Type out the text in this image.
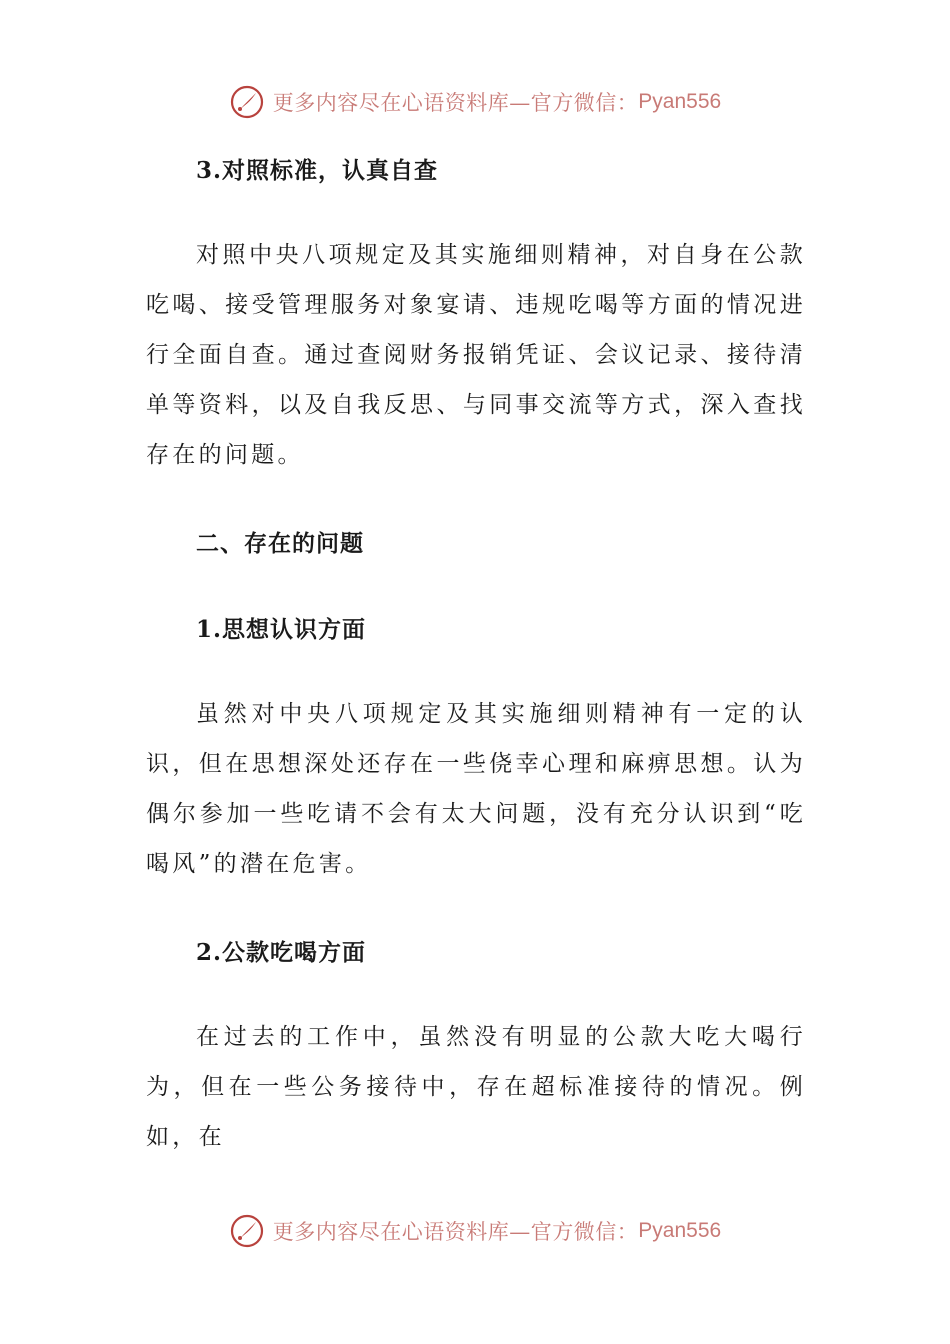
更多内容尽在心语资料库—官方微信： Pyan556
3.对照标准，认真自查

对照中央八项规定及其实施细则精神，对自身在公款吃喝、接受管理服务对象宴请、违规吃喝等方面的情况进行全面自查。通过查阅财务报销凭证、会议记录、接待清单等资料，以及自我反思、与同事交流等方式，深入查找存在的问题。

二、存在的问题
1.思想认识方面

虽然对中央八项规定及其实施细则精神有一定的认识，但在思想深处还存在一些侥幸心理和麻痹思想。认为偶尔参加一些吃请不会有太大问题，没有充分认识到“吃喝风”的潜在危害。

2.公款吃喝方面

在过去的工作中，虽然没有明显的公款大吃大喝行为，但在一些公务接待中，存在超标准接待的情况。例如，在

更多内容尽在心语资料库—官方微信： Pyan556
